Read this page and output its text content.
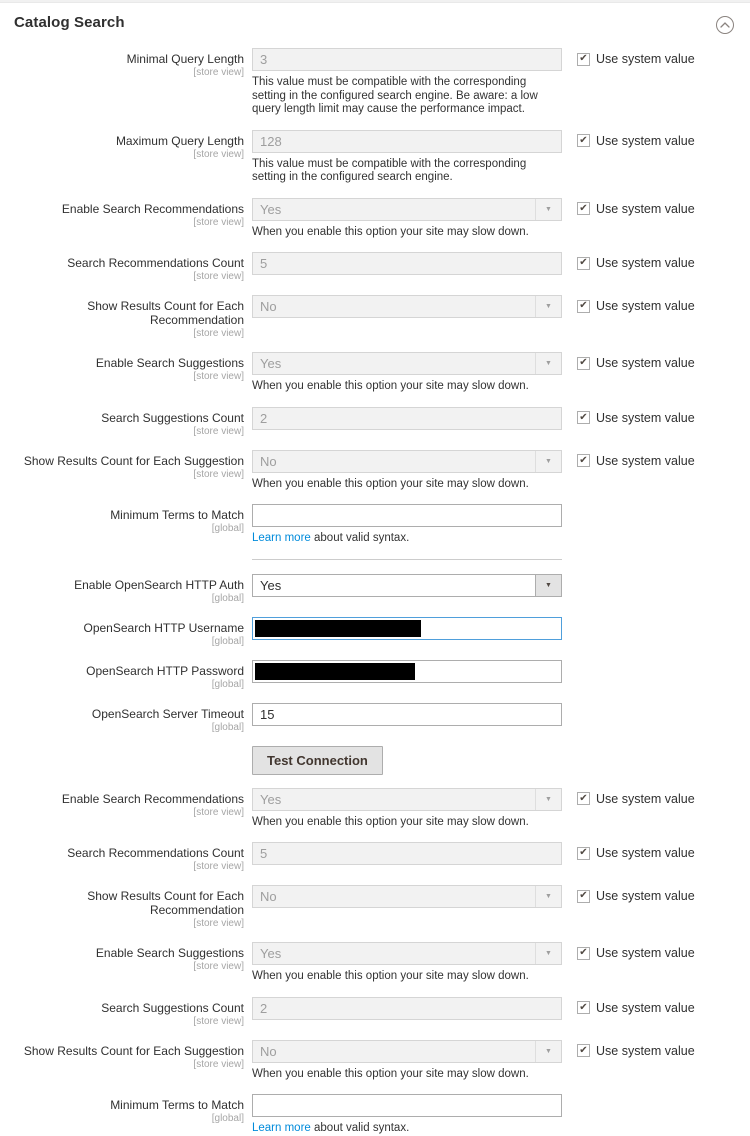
Catalog Search
Minimal Query Length
[store view]
3
This value must be compatible with the corresponding setting in the configured search engine. Be aware: a low query length limit may cause the performance impact.
✔ Use system value
Maximum Query Length
[store view]
128
This value must be compatible with the corresponding setting in the configured search engine.
✔ Use system value
Enable Search Recommendations
[store view]
Yes	▼
When you enable this option your site may slow down.
✔ Use system value
Search Recommendations Count
[store view]
5
✔ Use system value
Show Results Count for Each Recommendation
[store view]
No	▼	✔ Use system value
Enable Search Suggestions
[store view]
Yes	▼
When you enable this option your site may slow down.
✔ Use system value
Search Suggestions Count
[store view]
2
✔ Use system value
Show Results Count for Each Suggestion
[store view]
No	▼
When you enable this option your site may slow down.
✔ Use system value
Minimum Terms to Match
[global]
Learn more about valid syntax.
Enable OpenSearch HTTP Auth
[global]
Yes	▼
OpenSearch HTTP Username
[global]
OpenSearch HTTP Password
[global]
OpenSearch Server Timeout
[global]
15
Test Connection
Enable Search Recommendations
[store view]
Yes	▼
When you enable this option your site may slow down.
✔ Use system value
Search Recommendations Count
[store view]
5
✔ Use system value
Show Results Count for Each Recommendation
[store view]
No	▼	✔ Use system value
Enable Search Suggestions
[store view]
Yes	▼
When you enable this option your site may slow down.
✔ Use system value
Search Suggestions Count
[store view]
2
✔ Use system value
Show Results Count for Each Suggestion
[store view]
No	▼
When you enable this option your site may slow down.
✔ Use system value
Minimum Terms to Match
[global]
Learn more about valid syntax.
